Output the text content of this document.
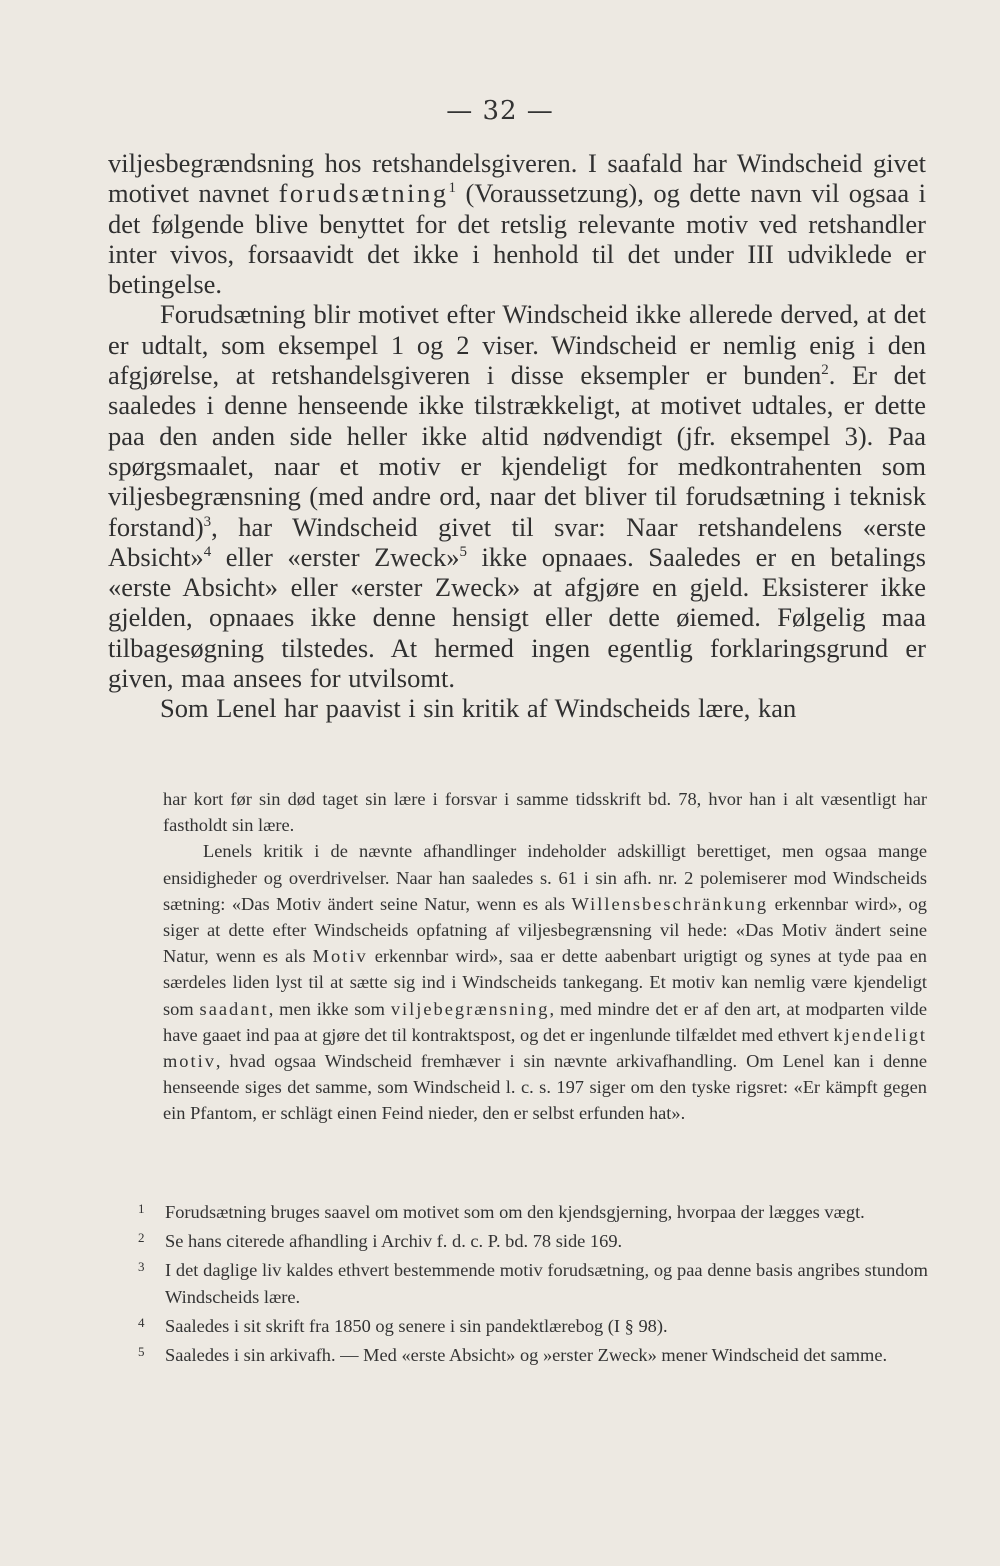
— 32 —

viljesbegrændsning hos retshandelsgiveren. I saafald har Windscheid givet motivet navnet forudsætning$^1$ (Voraussetzung), og dette navn vil ogsaa i det følgende blive benyttet for det retslig relevante motiv ved retshandler inter vivos, forsaavidt det ikke i henhold til det under III udviklede er betingelse.

Forudsætning blir motivet efter Windscheid ikke allerede derved, at det er udtalt, som eksempel 1 og 2 viser. Windscheid er nemlig enig i den afgjørelse, at retshandelsgiveren i disse eksempler er bunden$^2$. Er det saaledes i denne henseende ikke tilstrækkeligt, at motivet udtales, er dette paa den anden side heller ikke altid nødvendigt (jfr. eksempel 3). Paa spørgsmaalet, naar et motiv er kjendeligt for medkontrahenten som viljesbegrænsning (med andre ord, naar det bliver til forudsætning i teknisk forstand)$^3$, har Windscheid givet til svar: Naar retshandelens «erste Absicht»$^4$ eller «erster Zweck»$^5$ ikke opnaaes. Saaledes er en betalings «erste Absicht» eller «erster Zweck» at afgjøre en gjeld. Eksisterer ikke gjelden, opnaaes ikke denne hensigt eller dette øiemed. Følgelig maa tilbagesøgning tilstedes. At hermed ingen egentlig forklaringsgrund er given, maa ansees for utvilsomt.

Som Lenel har paavist i sin kritik af Windscheids lære, kan

har kort før sin død taget sin lære i forsvar i samme tidsskrift bd. 78, hvor han i alt væsentligt har fastholdt sin lære.

Lenels kritik i de nævnte afhandlinger indeholder adskilligt berettiget, men ogsaa mange ensidigheder og overdrivelser. Naar han saaledes s. 61 i sin afh. nr. 2 polemiserer mod Windscheids sætning: «Das Motiv ändert seine Natur, wenn es als Willensbeschränkung erkennbar wird», og siger at dette efter Windscheids opfatning af viljesbegrænsning vil hede: «Das Motiv ändert seine Natur, wenn es als Motiv erkennbar wird», saa er dette aabenbart urigtigt og synes at tyde paa en særdeles liden lyst til at sætte sig ind i Windscheids tankegang. Et motiv kan nemlig være kjendeligt som saadant, men ikke som viljebegrænsning, med mindre det er af den art, at modparten vilde have gaaet ind paa at gjøre det til kontraktspost, og det er ingenlunde tilfældet med ethvert kjendeligt motiv, hvad ogsaa Windscheid fremhæver i sin nævnte arkivafhandling. Om Lenel kan i denne henseende siges det samme, som Windscheid l. c. s. 197 siger om den tyske rigsret: «Er kämpft gegen ein Pfantom, er schlägt einen Feind nieder, den er selbst erfunden hat».

1	Forudsætning bruges saavel om motivet som om den kjendsgjerning, hvorpaa der lægges vægt.
2	Se hans citerede afhandling i Archiv f. d. c. P. bd. 78 side 169.
3	I det daglige liv kaldes ethvert bestemmende motiv forudsætning, og paa denne basis angribes stundom Windscheids lære.
4	Saaledes i sit skrift fra 1850 og senere i sin pandektlærebog (I § 98).
5	Saaledes i sin arkivafh. — Med «erste Absicht» og »erster Zweck» mener Windscheid det samme.
